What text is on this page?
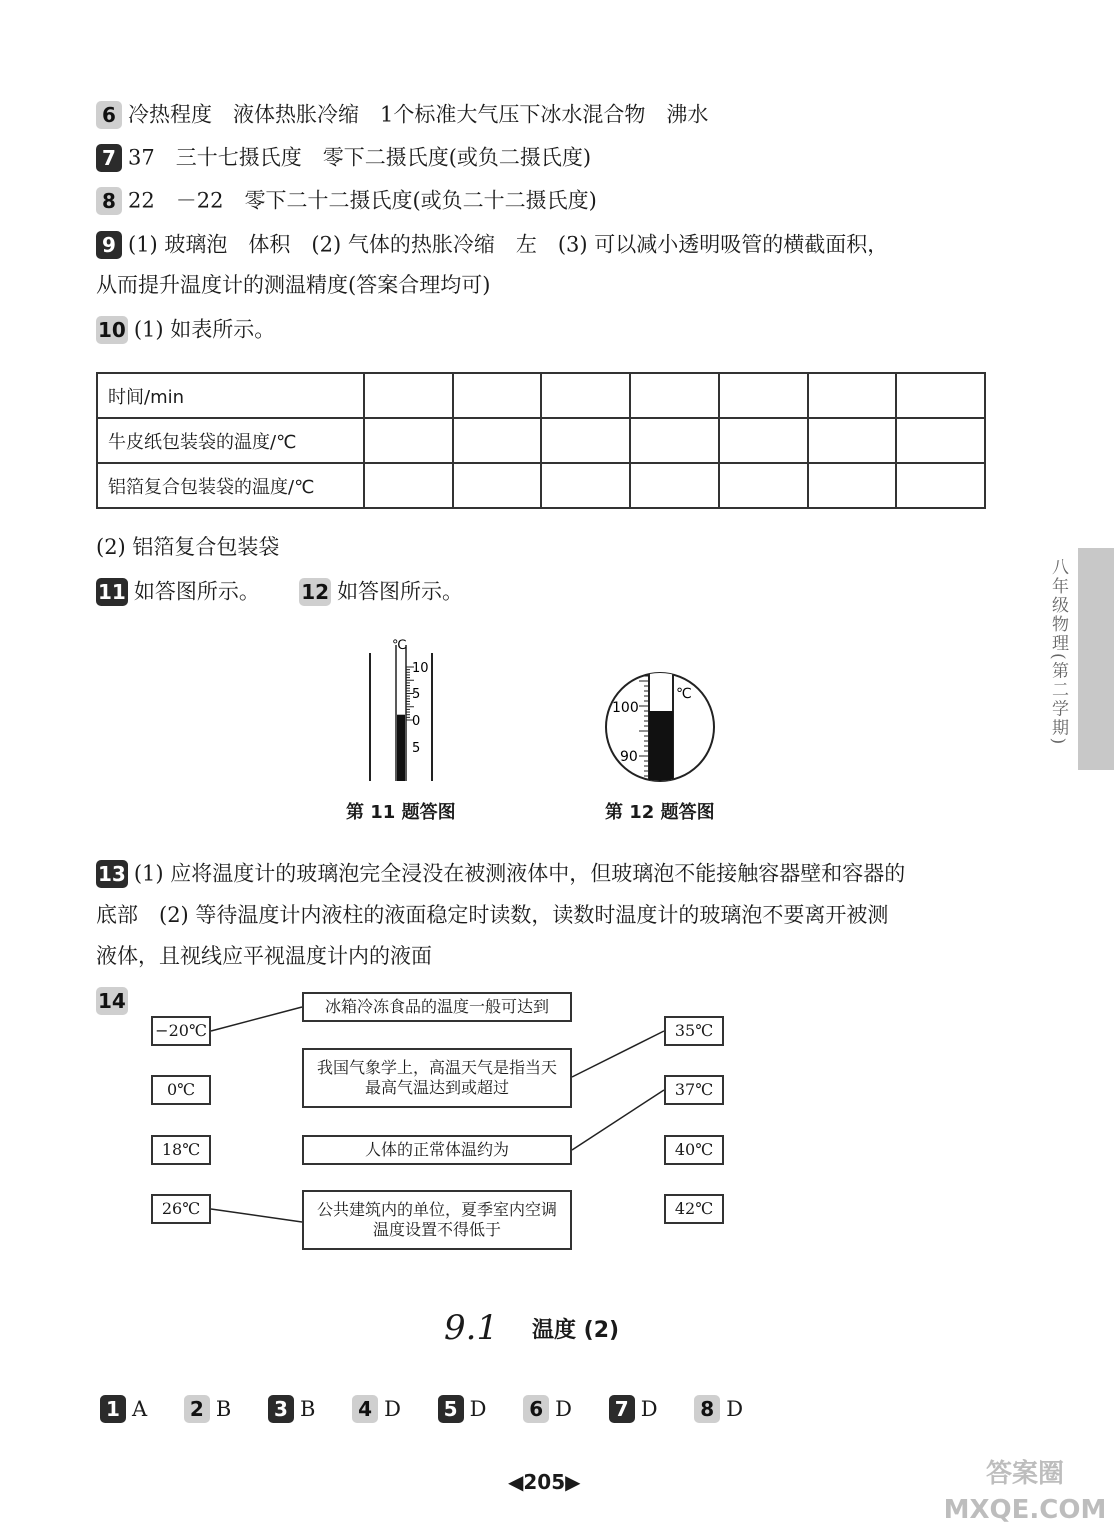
6 冷热程度　液体热胀冷缩　1个标准大气压下冰水混合物　沸水
7 37　三十七摄氏度　零下二摄氏度(或负二摄氏度)
8 22　－22　零下二十二摄氏度(或负二十二摄氏度)
9 (1) 玻璃泡　体积　(2) 气体的热胀冷缩　左　(3) 可以减小透明吸管的横截面积，
从而提升温度计的测温精度(答案合理均可)
10 (1) 如表所示。
时间/min							
牛皮纸包装袋的温度/℃							
铝箔复合包装袋的温度/℃							
(2) 铝箔复合包装袋
11 如答图所示。 12 如答图所示。
℃
10
5
0
5
第 11 题答图
℃
100
90
第 12 题答图
13 (1) 应将温度计的玻璃泡完全浸没在被测液体中，但玻璃泡不能接触容器壁和容器的
底部　(2) 等待温度计内液柱的液面稳定时读数，读数时温度计的玻璃泡不要离开被测
液体，且视线应平视温度计内的液面
14
−20℃
0℃
18℃
26℃
冰箱冷冻食品的温度一般可达到
我国气象学上，高温天气是指当天最高气温达到或超过
人体的正常体温约为
公共建筑内的单位，夏季室内空调温度设置不得低于
35℃
37℃
40℃
42℃
9.1 温度 (2)
1 A 2 B 3 B 4 D 5 D 6 D 7 D 8 D
◀205▶
八年级物理(第二学期)
答案圈 MXQE.COM
